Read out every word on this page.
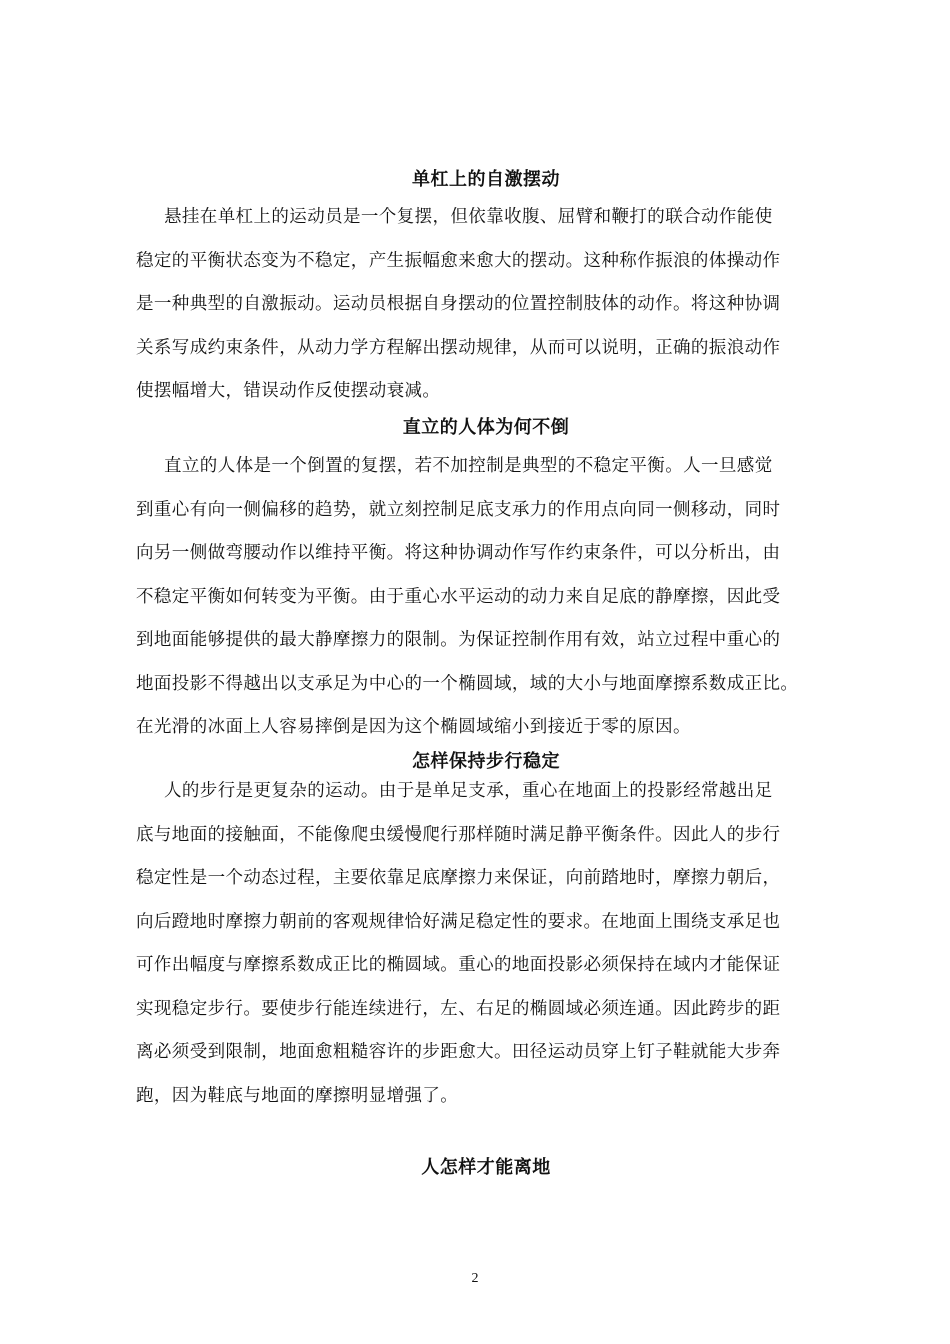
单杠上的自激摆动
悬挂在单杠上的运动员是一个复摆，但依靠收腹、屈臂和鞭打的联合动作能使
稳定的平衡状态变为不稳定，产生振幅愈来愈大的摆动。这种称作振浪的体操动作
是一种典型的自激振动。运动员根据自身摆动的位置控制肢体的动作。将这种协调
关系写成约束条件，从动力学方程解出摆动规律，从而可以说明，正确的振浪动作
使摆幅增大，错误动作反使摆动衰减。
直立的人体为何不倒
直立的人体是一个倒置的复摆，若不加控制是典型的不稳定平衡。人一旦感觉
到重心有向一侧偏移的趋势，就立刻控制足底支承力的作用点向同一侧移动，同时
向另一侧做弯腰动作以维持平衡。将这种协调动作写作约束条件，可以分析出，由
不稳定平衡如何转变为平衡。由于重心水平运动的动力来自足底的静摩擦，因此受
到地面能够提供的最大静摩擦力的限制。为保证控制作用有效，站立过程中重心的
地面投影不得越出以支承足为中心的一个椭圆域，域的大小与地面摩擦系数成正比。
在光滑的冰面上人容易摔倒是因为这个椭圆域缩小到接近于零的原因。
怎样保持步行稳定
人的步行是更复杂的运动。由于是单足支承，重心在地面上的投影经常越出足
底与地面的接触面，不能像爬虫缓慢爬行那样随时满足静平衡条件。因此人的步行
稳定性是一个动态过程，主要依靠足底摩擦力来保证，向前踏地时，摩擦力朝后，
向后蹬地时摩擦力朝前的客观规律恰好满足稳定性的要求。在地面上围绕支承足也
可作出幅度与摩擦系数成正比的椭圆域。重心的地面投影必须保持在域内才能保证
实现稳定步行。要使步行能连续进行，左、右足的椭圆域必须连通。因此跨步的距
离必须受到限制，地面愈粗糙容许的步距愈大。田径运动员穿上钉子鞋就能大步奔
跑，因为鞋底与地面的摩擦明显增强了。
人怎样才能离地
2
